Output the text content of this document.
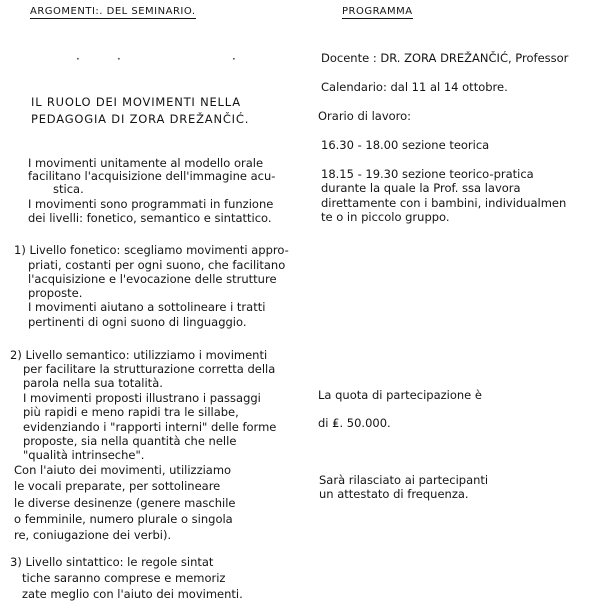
ARGOMENTI:. DEL SEMINARIO.
·	·	·
IL RUOLO DEI MOVIMENTI NELLA
PEDAGOGIA DI ZORA DREŽANČIĆ.
I movimenti unitamente al modello orale
facilitano l'acquisizione dell'immagine acu-
stica.
I movimenti sono programmati in funzione
dei livelli: fonetico, semantico e sintattico.
1) Livello fonetico: scegliamo movimenti appro-
priati, costanti per ogni suono, che facilitano
l'acquisizione e l'evocazione delle strutture
proposte.
I movimenti aiutano a sottolineare i tratti
pertinenti di ogni suono di linguaggio.
2) Livello semantico: utilizziamo i movimenti
per facilitare la strutturazione corretta della
parola nella sua totalità.
I movimenti proposti illustrano i passaggi
più rapidi e meno rapidi tra le sillabe,
evidenziando i "rapporti interni" delle forme
proposte, sia nella quantità che nelle
"qualità intrinseche".
Con l'aiuto dei movimenti, utilizziamo
le vocali preparate, per sottolineare
le diverse desinenze (genere maschile
o femminile, numero plurale o singola
re, coniugazione dei verbi).
3) Livello sintattico: le regole sintat
tiche saranno comprese e memoriz
zate meglio con l'aiuto dei movimenti.
PROGRAMMA
Docente : DR. ZORA DREŽANČIĆ, Professor
Calendario: dal 11 al 14 ottobre.
Orario di lavoro:
16.30 - 18.00 sezione teorica
18.15 - 19.30 sezione teorico-pratica
durante la quale la Prof. ssa lavora
direttamente con i bambini, individualmen
te o in piccolo gruppo.
La quota di partecipazione è
di ₤. 50.000.
Sarà rilasciato ai partecipanti
un attestato di frequenza.
